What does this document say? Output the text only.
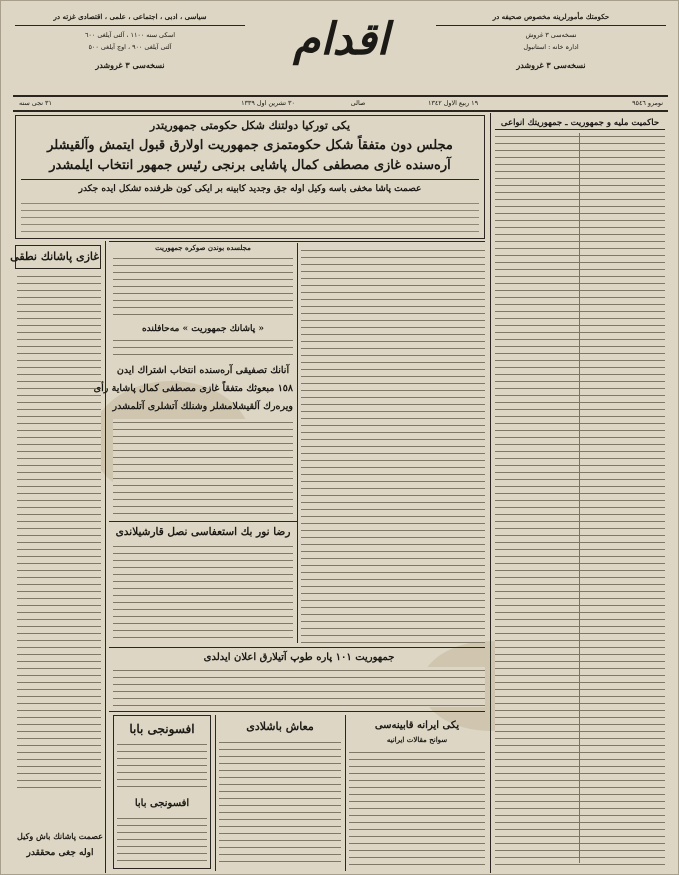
سياسى ، ادبى ، اجتماعى ، علمى ، اقتصادى غزته در
اسكى سنه ١١٠٠ ، آلتى آيلغى ٦٠٠
آلتى آيلغى ٩٠٠ ، اوچ آيلغى ٥٠٠
نسخه‌سى ٣ غروشدر	اقدام	حكومتك مأمورلرينه مخصوص صحيفه در
نسخه‌سى ٣ غروش
ادارہ خانه : استانبول
نسخه‌سى ٣ غروشدر
٣١ نجى سنه	٣٠ تشرين اول ١٣٣٩	صالى	١٩ ربيع الاول ١٣٤٢	نومرو ٩٥٤٦
يكى تورکيا دولتنك شكل حكومتى جمهوريتدر
مجلس دون متفقاً شكل حكومتمزى جمهوريت اولارق قبول ايتمش وآلقيشلر
آره‌سنده غازى مصطفى كمال پاشايى برنجى رئيس جمهور انتخاب ايلمشدر
عصمت پاشا مخفى باسه وكيل اوله جق وجديد كابينه بر ايكى كون ظرفنده تشكل ايده جكدر
حاكميت مليه و جمهوريت ـ جمهوريتك انواعى
غازى پاشانك نطقى
مجلسده بوندن صوكره جمهوريت
« پاشانك جمهوريت » مه‌حافلنده
آنانك تصفيقى آره‌سنده انتخاب اشتراك ايدن
١٥٨ مبعوثك متفقاً غازى مصطفى كمال پاشاية رأى
ويره‌رك آلقيشلامشلر وشنلك آتشلرى آتلمشدر
رضا نور بك استعفاسى نصل قارشيلاندى
جمهوريت ١٠١ پاره طوپ آتيلارق اعلان ايدلدى
افسونجى بابا
افسونجى بابا
عصمت پاشانك باش وكيل
اوله جغى محققدر
معاش باشلادى	يكى ايرانه قابينه‌سى
سوانح مقالات ايرانيه
